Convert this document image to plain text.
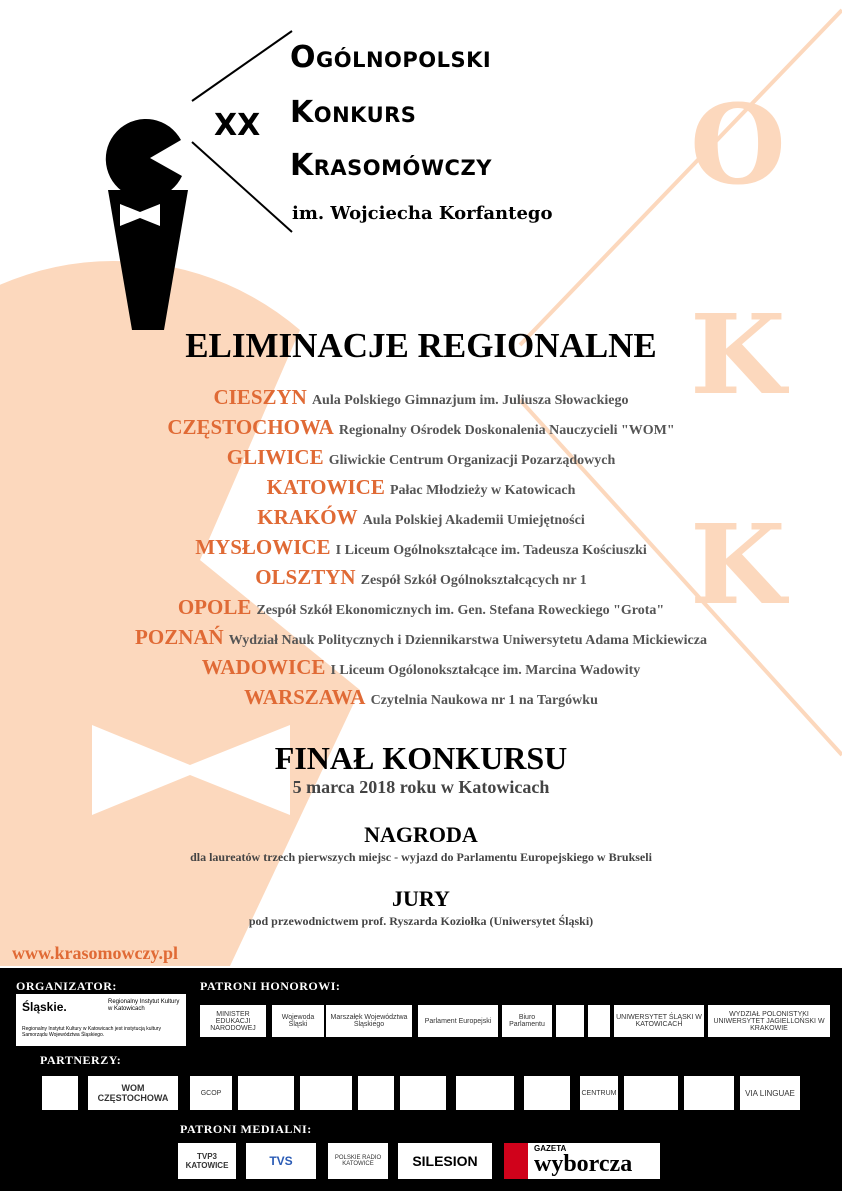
O
K
K
XX
Ogólnopolski
Konkurs
Krasomówczy
im. Wojciecha Korfantego
ELIMINACJE REGIONALNE
CIESZYN Aula Polskiego Gimnazjum im. Juliusza Słowackiego
CZĘSTOCHOWA Regionalny Ośrodek Doskonalenia Nauczycieli "WOM"
GLIWICE Gliwickie Centrum Organizacji Pozarządowych
KATOWICE Pałac Młodzieży w Katowicach
KRAKÓW Aula Polskiej Akademii Umiejętności
MYSŁOWICE I Liceum Ogólnokształcące im. Tadeusza Kościuszki
OLSZTYN Zespół Szkół Ogólnokształcących nr 1
OPOLE Zespół Szkół Ekonomicznych im. Gen. Stefana Roweckiego "Grota"
POZNAŃ Wydział Nauk Politycznych i Dziennikarstwa Uniwersytetu Adama Mickiewicza
WADOWICE I Liceum Ogólonokształcące im. Marcina Wadowity
WARSZAWA Czytelnia Naukowa nr 1 na Targówku
FINAŁ KONKURSU
5 marca 2018 roku w Katowicach
NAGRODA
dla laureatów trzech pierwszych miejsc - wyjazd do Parlamentu Europejskiego w Brukseli
JURY
pod przewodnictwem prof. Ryszarda Koziołka (Uniwersytet Śląski)
www.krasomowczy.pl
ORGANIZATOR:
Śląskie.	Regionalny Instytut Kultury w Katowicach
Regionalny Instytut Kultury w Katowicach jest instytucją kultury Samorządu Województwa Śląskiego.
PATRONI HONOROWI:
MINISTER EDUKACJI NARODOWEJ
Wojewoda Śląski
Marszałek Województwa Śląskiego	Parlament Europejski	Biuro Parlamentu
UNIWERSYTET ŚLĄSKI W KATOWICACH
WYDZIAŁ POLONISTYKI UNIWERSYTET JAGIELLOŃSKI W KRAKOWIE
PARTNERZY:
WOM CZĘSTOCHOWA	GCOP	CENTRUM	VIA LINGUAE
PATRONI MEDIALNI:
TVP3 KATOWICE	TVS	POLSKIE RADIO KATOWICE	SILESION
GAZETA
wyborcza
